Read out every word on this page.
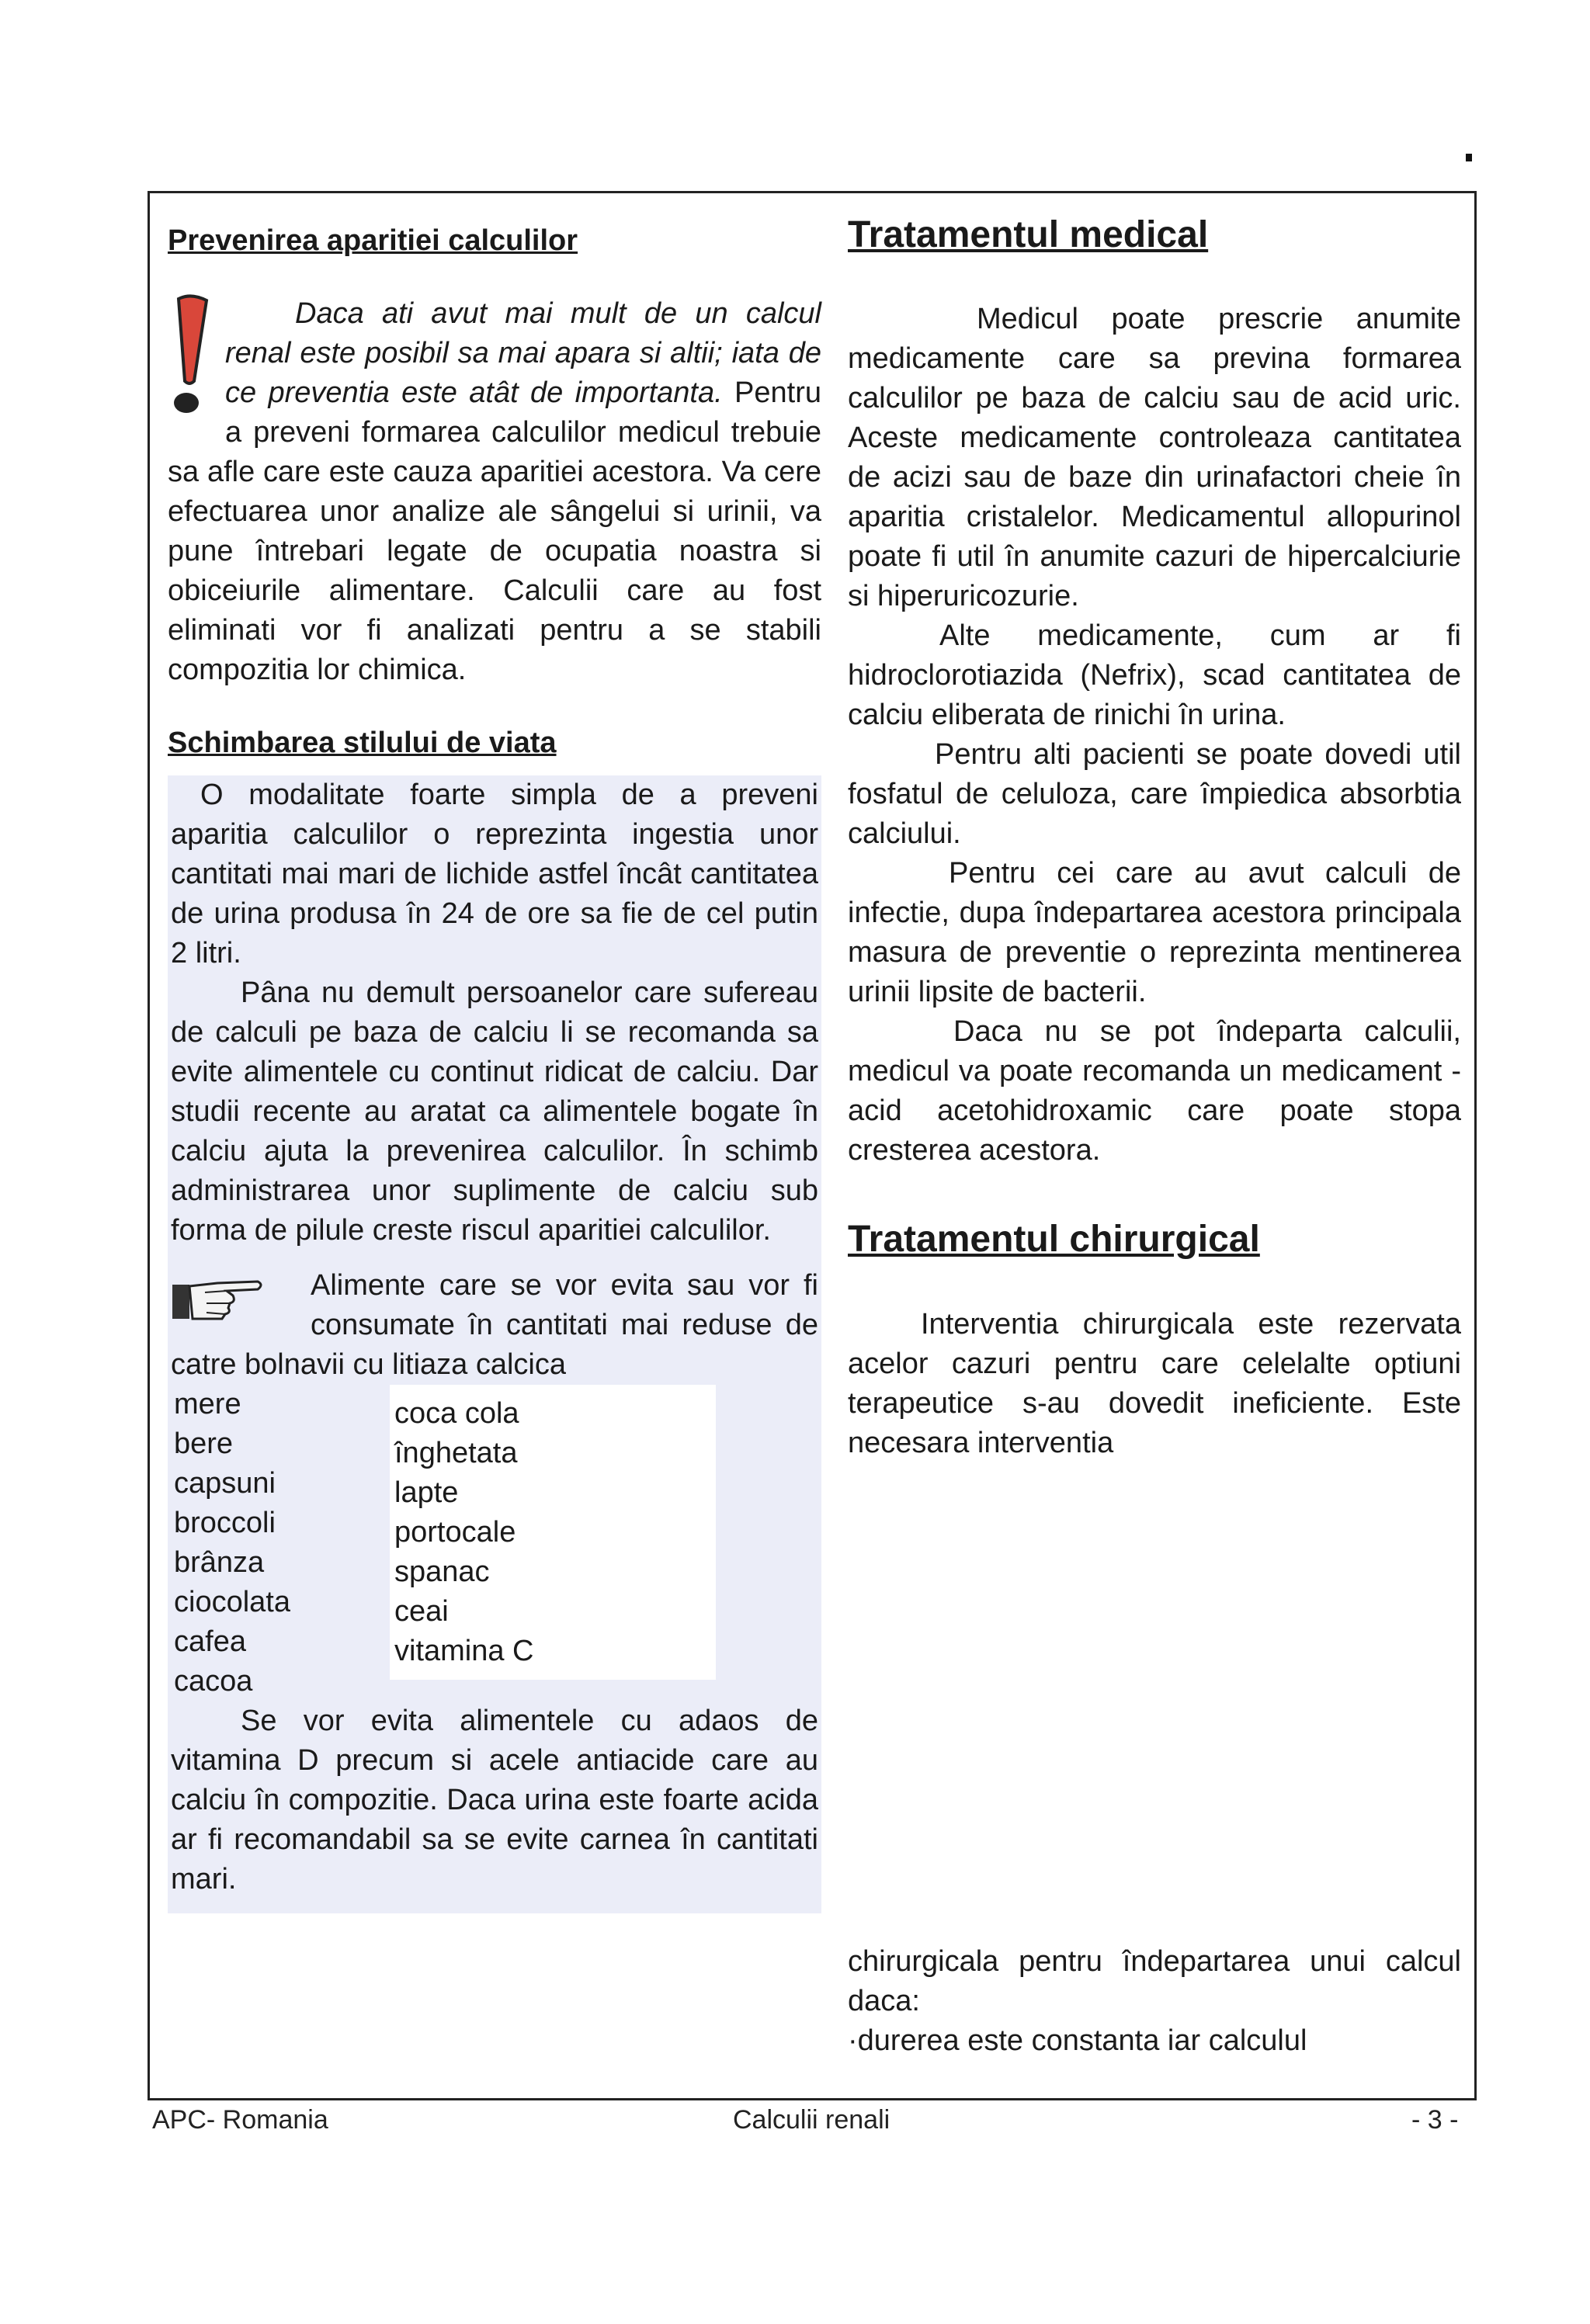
Prevenirea aparitiei calculilor

Daca ati avut mai mult de un calcul renal este posibil sa mai apara si altii; iata de ce preventia este atât de importanta. Pentru a preveni formarea calculilor medicul trebuie sa afle care este cauza aparitiei acestora. Va cere efectuarea unor analize ale sângelui si urinii, va pune întrebari legate de ocupatia noastra si obiceiurile alimentare. Calculii care au fost eliminati vor fi analizati pentru a se stabili compozitia lor chimica.

Schimbarea stilului de viata

O modalitate foarte simpla de a preveni aparitia calculilor o reprezinta ingestia unor cantitati mai mari de lichide astfel încât cantitatea de urina produsa în 24 de ore sa fie de cel putin 2 litri.

Pâna nu demult persoanelor care sufereau de calculi pe baza de calciu li se recomanda sa evite alimentele cu continut ridicat de calciu. Dar studii recente au aratat ca alimentele bogate în calciu ajuta la prevenirea calculilor. În schimb administrarea unor suplimente de calciu sub forma de pilule creste riscul aparitiei calculilor.

Alimente care se vor evita sau vor fi consumate în cantitati mai reduse de catre bolnavii cu litiaza calcica

mere
bere
capsuni
broccoli
brânza
ciocolata
cafea
cacoa
coca cola
înghetata
lapte
portocale
spanac
ceai
vitamina C

Se vor evita alimentele cu adaos de vitamina D precum si acele antiacide care au calciu în compozitie. Daca urina este foarte acida ar fi recomandabil sa se evite carnea în cantitati mari.

Tratamentul medical

Medicul poate prescrie anumite medicamente care sa previna formarea calculilor pe baza de calciu sau de acid uric. Aceste medicamente controleaza cantitatea de acizi sau de baze din urinafactori cheie în aparitia cristalelor. Medicamentul allopurinol poate fi util în anumite cazuri de hipercalciurie si hiperuricozurie.

Alte medicamente, cum ar fi hidroclorotiazida (Nefrix), scad cantitatea de calciu eliberata de rinichi în urina.

Pentru alti pacienti se poate dovedi util fosfatul de celuloza, care împiedica absorbtia calciului.

Pentru cei care au avut calculi de infectie, dupa îndepartarea acestora principala masura de preventie o reprezinta mentinerea urinii lipsite de bacterii.

Daca nu se pot îndeparta calculii, medicul va poate recomanda un medicament - acid acetohidroxamic care poate stopa cresterea acestora.

Tratamentul chirurgical

Interventia chirurgicala este rezervata acelor cazuri pentru care celelalte optiuni terapeutice s-au dovedit ineficiente. Este necesara interventia

chirurgicala pentru îndepartarea unui calcul daca:

·durerea este constanta iar calculul

APC- Romania	Calculii renali	- 3 -
